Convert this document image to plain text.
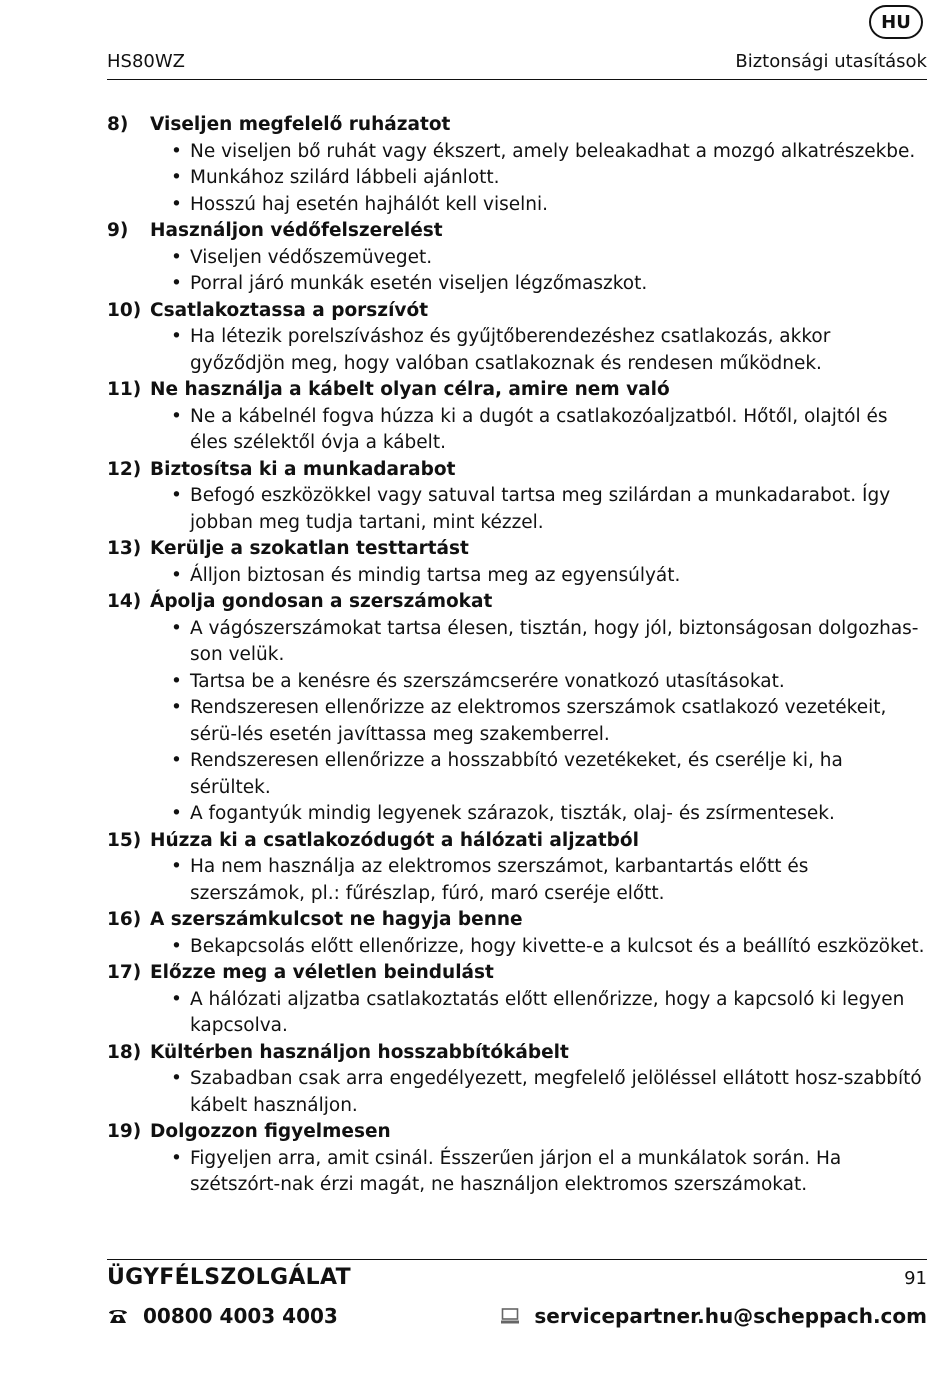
HU
HS80WZ	Biztonsági utasítások
8)	Viseljen megfelelő ruházatot
• Ne viseljen bő ruhát vagy ékszert, amely beleakadhat a mozgó alkatrészekbe.
• Munkához szilárd lábbeli ajánlott.
• Hosszú haj esetén hajhálót kell viselni.
9)	Használjon védőfelszerelést
• Viseljen védőszemüveget.
• Porral járó munkák esetén viseljen légzőmaszkot.
10) Csatlakoztassa a porszívót
• Ha létezik porelszíváshoz és gyűjtőberendezéshez csatlakozás, akkor győződjön meg, hogy valóban csatlakoznak és rendesen működnek.
11) Ne használja a kábelt olyan célra, amire nem való
• Ne a kábelnél fogva húzza ki a dugót a csatlakozóaljzatból. Hőtől, olajtól és éles szélektől óvja a kábelt.
12) Biztosítsa ki a munkadarabot
• Befogó eszközökkel vagy satuval tartsa meg szilárdan a munkadarabot. Így jobban meg tudja tartani, mint kézzel.
13) Kerülje a szokatlan testtartást
• Álljon biztosan és mindig tartsa meg az egyensúlyát.
14) Ápolja gondosan a szerszámokat
• A vágószerszámokat tartsa élesen, tisztán, hogy jól, biztonságosan dolgozhas-son velük.
• Tartsa be a kenésre és szerszámcserére vonatkozó utasításokat.
• Rendszeresen ellenőrizze az elektromos szerszámok csatlakozó vezetékeit, sérü-lés esetén javíttassa meg szakemberrel.
• Rendszeresen ellenőrizze a hosszabbító vezetékeket, és cserélje ki, ha sérültek.
• A fogantyúk mindig legyenek szárazok, tiszták, olaj- és zsírmentesek.
15) Húzza ki a csatlakozódugót a hálózati aljzatból
• Ha nem használja az elektromos szerszámot, karbantartás előtt és szerszámok, pl.: fűrészlap, fúró, maró cseréje előtt.
16) A szerszámkulcsot ne hagyja benne
• Bekapcsolás előtt ellenőrizze, hogy kivette-e a kulcsot és a beállító eszközöket.
17) Előzze meg a véletlen beindulást
• A hálózati aljzatba csatlakoztatás előtt ellenőrizze, hogy a kapcsoló ki legyen kapcsolva.
18) Kültérben használjon hosszabbítókábelt
• Szabadban csak arra engedélyezett, megfelelő jelöléssel ellátott hosz-szabbító kábelt használjon.
19) Dolgozzon figyelmesen
• Figyeljen arra, amit csinál. Ésszerűen járjon el a munkálatok során. Ha szétszórt-nak érzi magát, ne használjon elektromos szerszámokat.
ÜGYFÉLSZOLGÁLAT	91
00800 4003 4003	servicepartner.hu@scheppach.com
